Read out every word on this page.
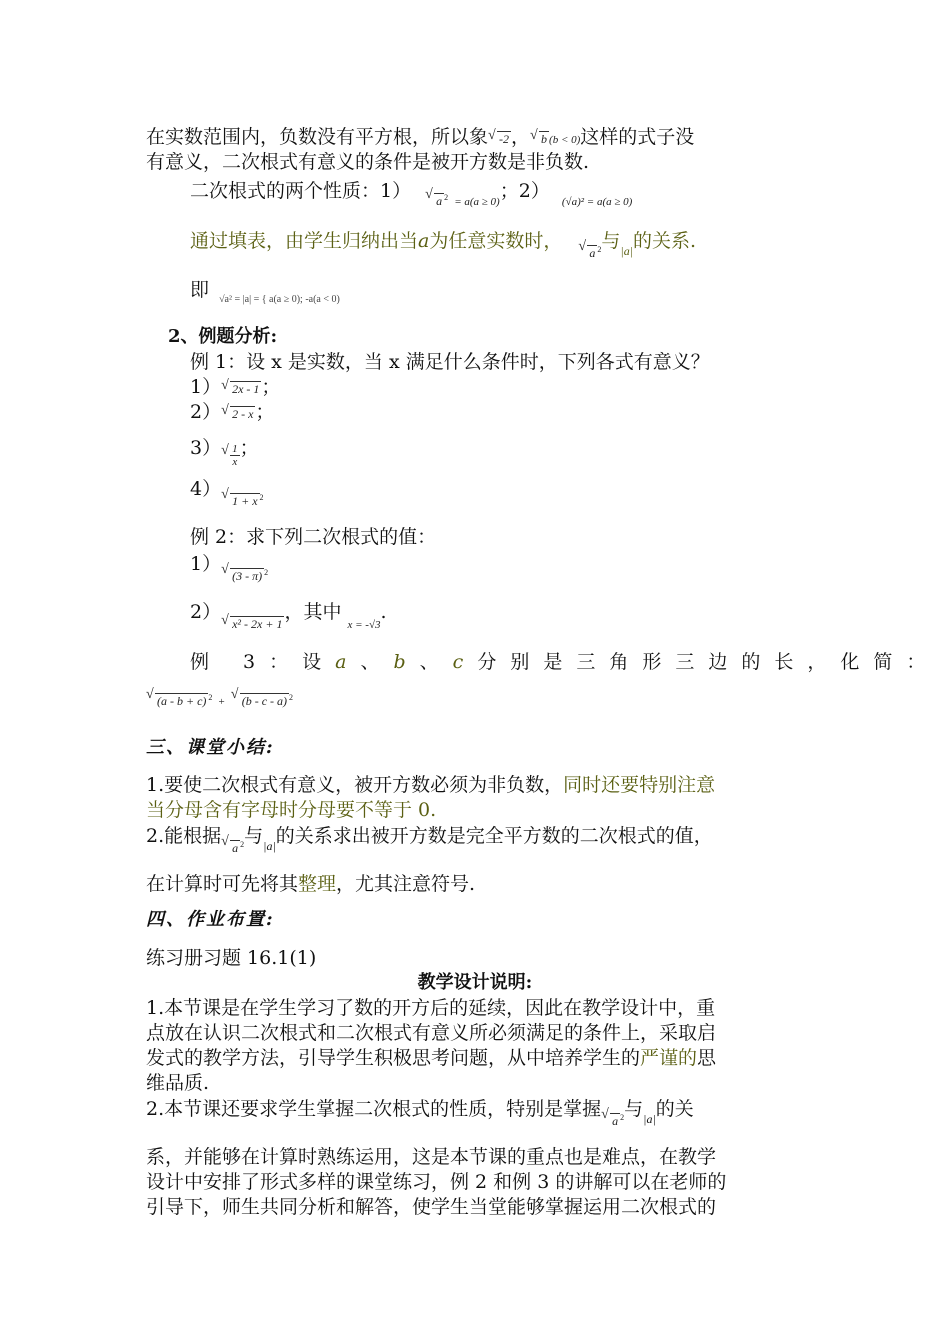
在实数范围内，负数没有平方根，所以象 √ -2 ， √ b (b < 0)这样的式子没
有意义，二次根式有意义的条件是被开方数是非负数.
二次根式的两个性质：1） √ a $^2$ $_{= a(a \ge 0)}$；2） $_{(√a)^2 = a(a \ge 0)}$
通过填表，由学生归纳出当a为任意实数时， √ a $^2$与$_{|a|}$的关系.
即 $_{√a^2 = |a| = \{ a(a \ge 0); -a(a < 0)}$
2、例题分析:
例 1：设 x 是实数，当 x 满足什么条件时，下列各式有意义？
1） √ 2x - 1 ；
2） √ 2 - x ；
3） √ $\frac{1}{x}$ ；
4）√ 1 + x $^2$
例 2：求下列二次根式的值：
1）√ (3 - π) $^2$
2）√ x² - 2x + 1，其中 $_{x = -√3}$.
例 3：设a、b、c分别是三角形三边的长，化简：
√ (a - b + c) $^2$ + √ (b - c - a) $^2$
三、课堂小结:
1.要使二次根式有意义，被开方数必须为非负数，同时还要特别注意
当分母含有字母时分母要不等于 0.
2.能根据√ a $^2$与$_{|a|}$的关系求出被开方数是完全平方数的二次根式的值，
在计算时可先将其整理，尤其注意符号.
四、作业布置:
练习册习题 16.1(1)
教学设计说明:
1.本节课是在学生学习了数的开方后的延续，因此在教学设计中，重
点放在认识二次根式和二次根式有意义所必须满足的条件上，采取启
发式的教学方法，引导学生积极思考问题，从中培养学生的严谨的思
维品质.
2.本节课还要求学生掌握二次根式的性质，特别是掌握√ a $^2$与$_{|a|}$的关
系，并能够在计算时熟练运用，这是本节课的重点也是难点，在教学
设计中安排了形式多样的课堂练习，例 2 和例 3 的讲解可以在老师的
引导下，师生共同分析和解答，使学生当堂能够掌握运用二次根式的
